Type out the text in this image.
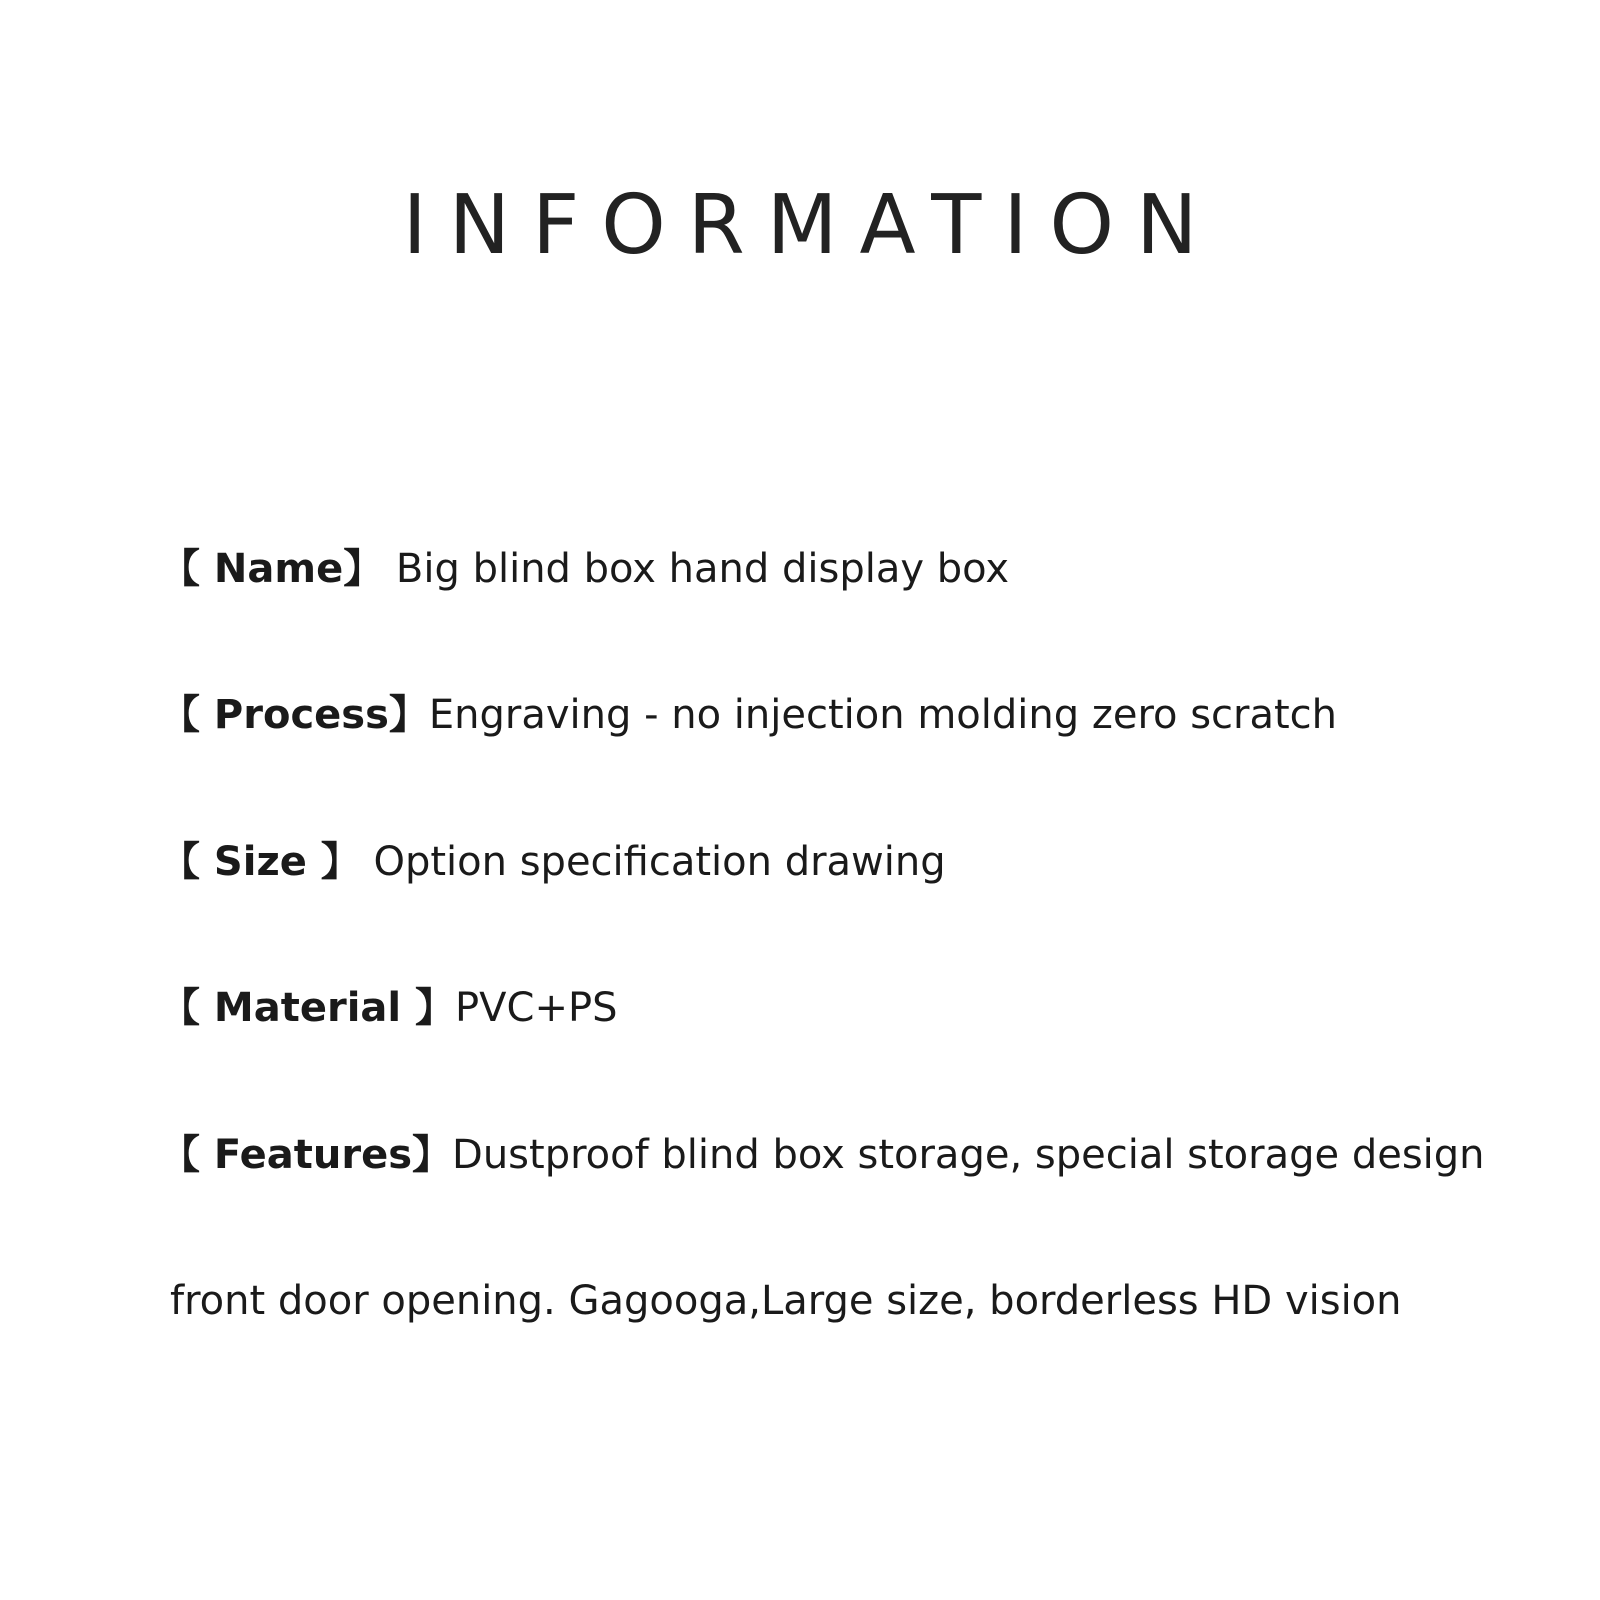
INFORMATION
【 Name】 Big blind box hand display box
【 Process】Engraving - no injection molding zero scratch
【 Size 】 Option specification drawing
【 Material 】PVC+PS
【 Features】Dustproof blind box storage, special storage design
front door opening. Gagooga,Large size, borderless HD vision
